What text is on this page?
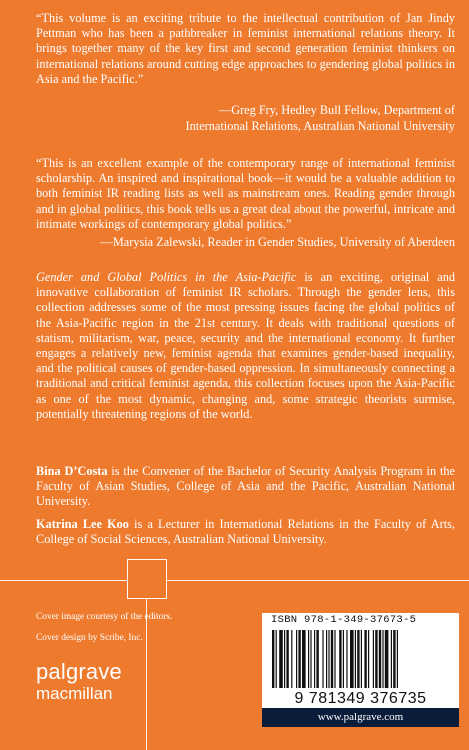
“This volume is an exciting tribute to the intellectual contribution of Jan Jindy Pettman who has been a pathbreaker in feminist international relations theory. It brings together many of the key first and second generation feminist thinkers on international relations around cutting edge approaches to gendering global politics in Asia and the Pacific.”
—Greg Fry, Hedley Bull Fellow, Department of
International Relations, Australian National University
“This is an excellent example of the contemporary range of international feminist scholarship. An inspired and inspirational book—it would be a valuable addition to both feminist IR reading lists as well as mainstream ones. Reading gender through and in global politics, this book tells us a great deal about the powerful, intricate and intimate workings of contemporary global politics.”
—Marysia Zalewski, Reader in Gender Studies, University of Aberdeen

Gender and Global Politics in the Asia-Pacific is an exciting, original and innovative collaboration of feminist IR scholars. Through the gender lens, this collection addresses some of the most pressing issues facing the global politics of the Asia-Pacific region in the 21st century. It deals with traditional questions of statism, militarism, war, peace, security and the international economy. It further engages a relatively new, feminist agenda that examines gender-based inequality, and the political causes of gender-based oppression. In simultaneously connecting a traditional and critical feminist agenda, this collection focuses upon the Asia-Pacific as one of the most dynamic, changing and, some strategic theorists surmise, potentially threatening regions of the world.

Bina D’Costa is the Convener of the Bachelor of Security Analysis Program in the Faculty of Asian Studies, College of Asia and the Pacific, Australian National University.

Katrina Lee Koo is a Lecturer in International Relations in the Faculty of Arts, College of Social Sciences, Australian National University.

Cover image courtesy of the editors.
Cover design by Scribe, Inc.
palgrave
macmillan
ISBN 978-1-349-37673-5
9 781349 376735
www.palgrave.com
